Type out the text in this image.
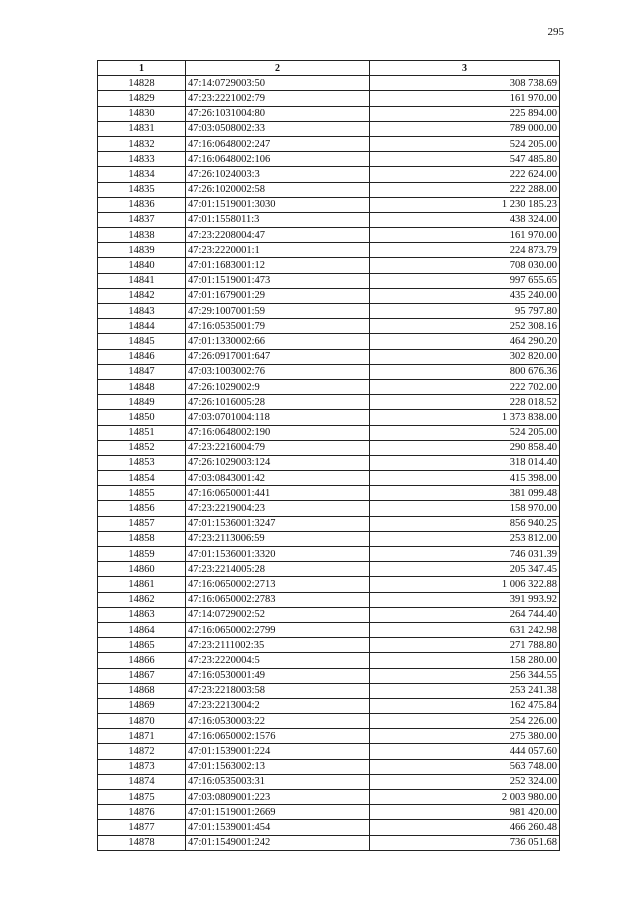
295
1	2	3
14828	47:14:0729003:50	308 738.69
14829	47:23:2221002:79	161 970.00
14830	47:26:1031004:80	225 894.00
14831	47:03:0508002:33	789 000.00
14832	47:16:0648002:247	524 205.00
14833	47:16:0648002:106	547 485.80
14834	47:26:1024003:3	222 624.00
14835	47:26:1020002:58	222 288.00
14836	47:01:1519001:3030	1 230 185.23
14837	47:01:1558011:3	438 324.00
14838	47:23:2208004:47	161 970.00
14839	47:23:2220001:1	224 873.79
14840	47:01:1683001:12	708 030.00
14841	47:01:1519001:473	997 655.65
14842	47:01:1679001:29	435 240.00
14843	47:29:1007001:59	95 797.80
14844	47:16:0535001:79	252 308.16
14845	47:01:1330002:66	464 290.20
14846	47:26:0917001:647	302 820.00
14847	47:03:1003002:76	800 676.36
14848	47:26:1029002:9	222 702.00
14849	47:26:1016005:28	228 018.52
14850	47:03:0701004:118	1 373 838.00
14851	47:16:0648002:190	524 205.00
14852	47:23:2216004:79	290 858.40
14853	47:26:1029003:124	318 014.40
14854	47:03:0843001:42	415 398.00
14855	47:16:0650001:441	381 099.48
14856	47:23:2219004:23	158 970.00
14857	47:01:1536001:3247	856 940.25
14858	47:23:2113006:59	253 812.00
14859	47:01:1536001:3320	746 031.39
14860	47:23:2214005:28	205 347.45
14861	47:16:0650002:2713	1 006 322.88
14862	47:16:0650002:2783	391 993.92
14863	47:14:0729002:52	264 744.40
14864	47:16:0650002:2799	631 242.98
14865	47:23:2111002:35	271 788.80
14866	47:23:2220004:5	158 280.00
14867	47:16:0530001:49	256 344.55
14868	47:23:2218003:58	253 241.38
14869	47:23:2213004:2	162 475.84
14870	47:16:0530003:22	254 226.00
14871	47:16:0650002:1576	275 380.00
14872	47:01:1539001:224	444 057.60
14873	47:01:1563002:13	563 748.00
14874	47:16:0535003:31	252 324.00
14875	47:03:0809001:223	2 003 980.00
14876	47:01:1519001:2669	981 420.00
14877	47:01:1539001:454	466 260.48
14878	47:01:1549001:242	736 051.68
